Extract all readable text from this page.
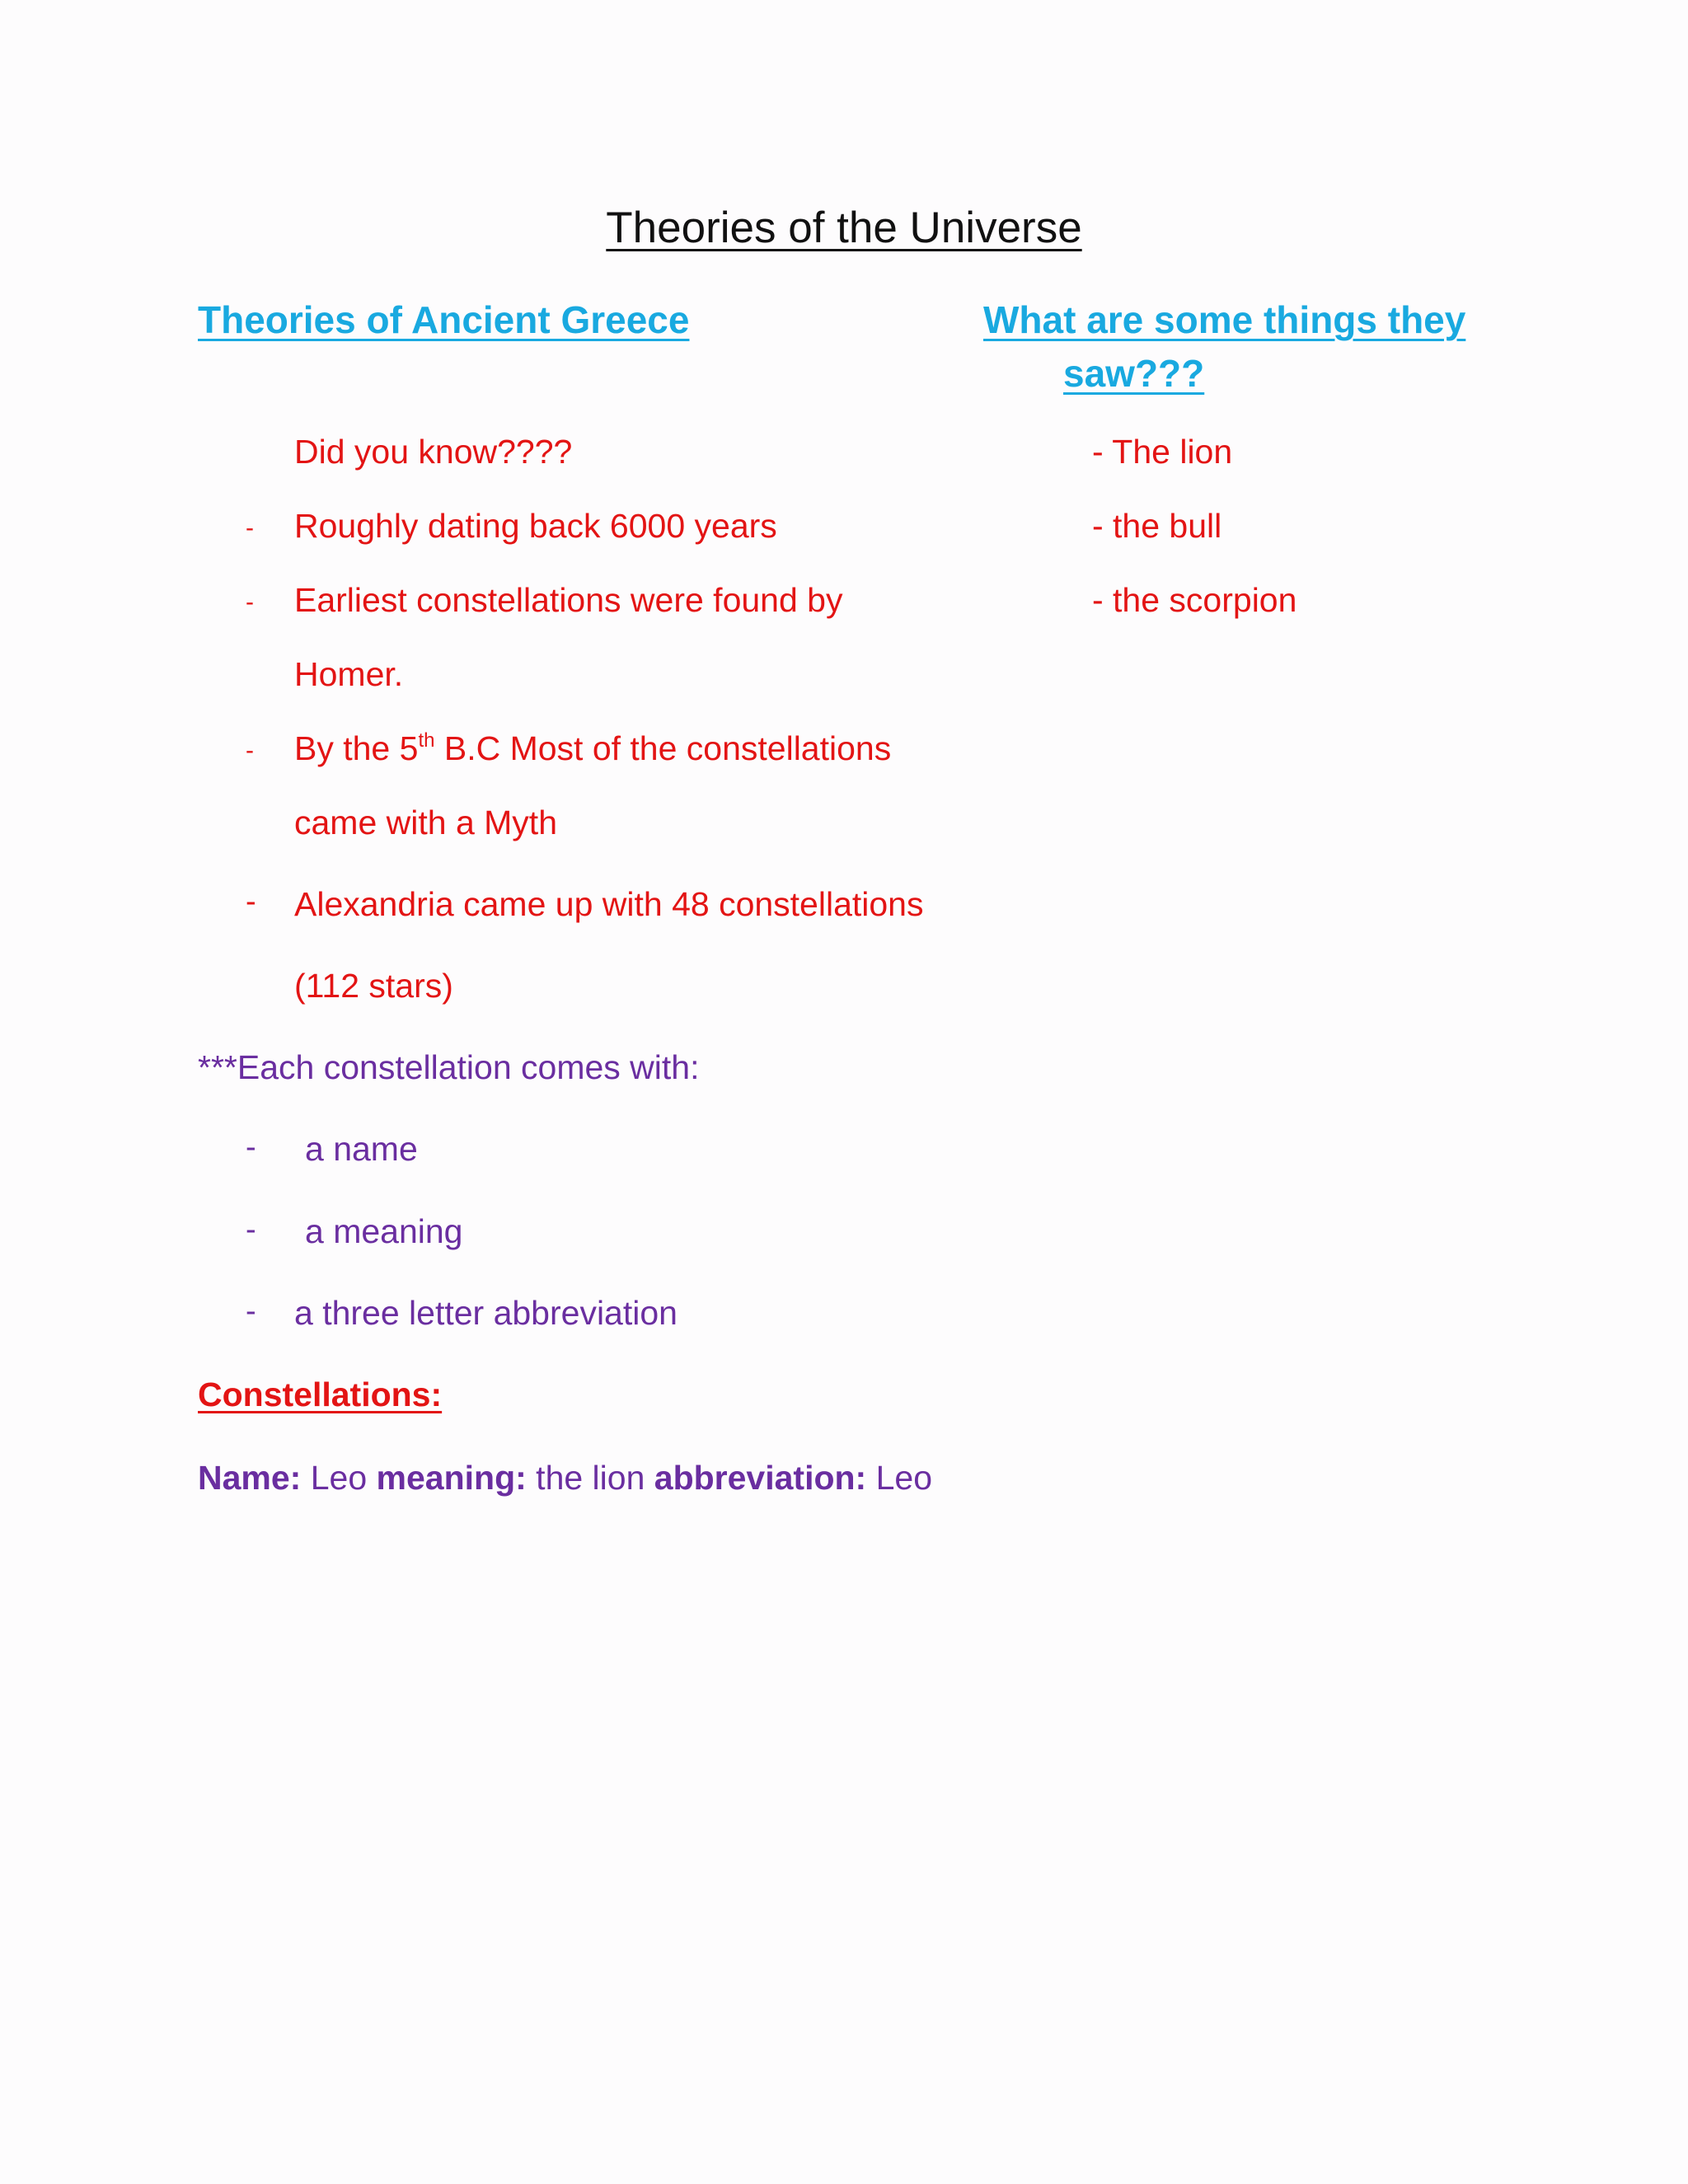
Theories of the Universe
Theories of Ancient Greece	What are some things they
saw???
Did you know????
- Roughly dating back 6000 years
- Earliest constellations were found by
Homer.
- By the 5th B.C Most of the constellations
came with a Myth
- Alexandria came up with 48 constellations
(112 stars)
- The lion
- the bull
- the scorpion
***Each constellation comes with:
- a name
- a meaning
- a three letter abbreviation
Constellations:
Name: Leo meaning: the lion abbreviation: Leo
